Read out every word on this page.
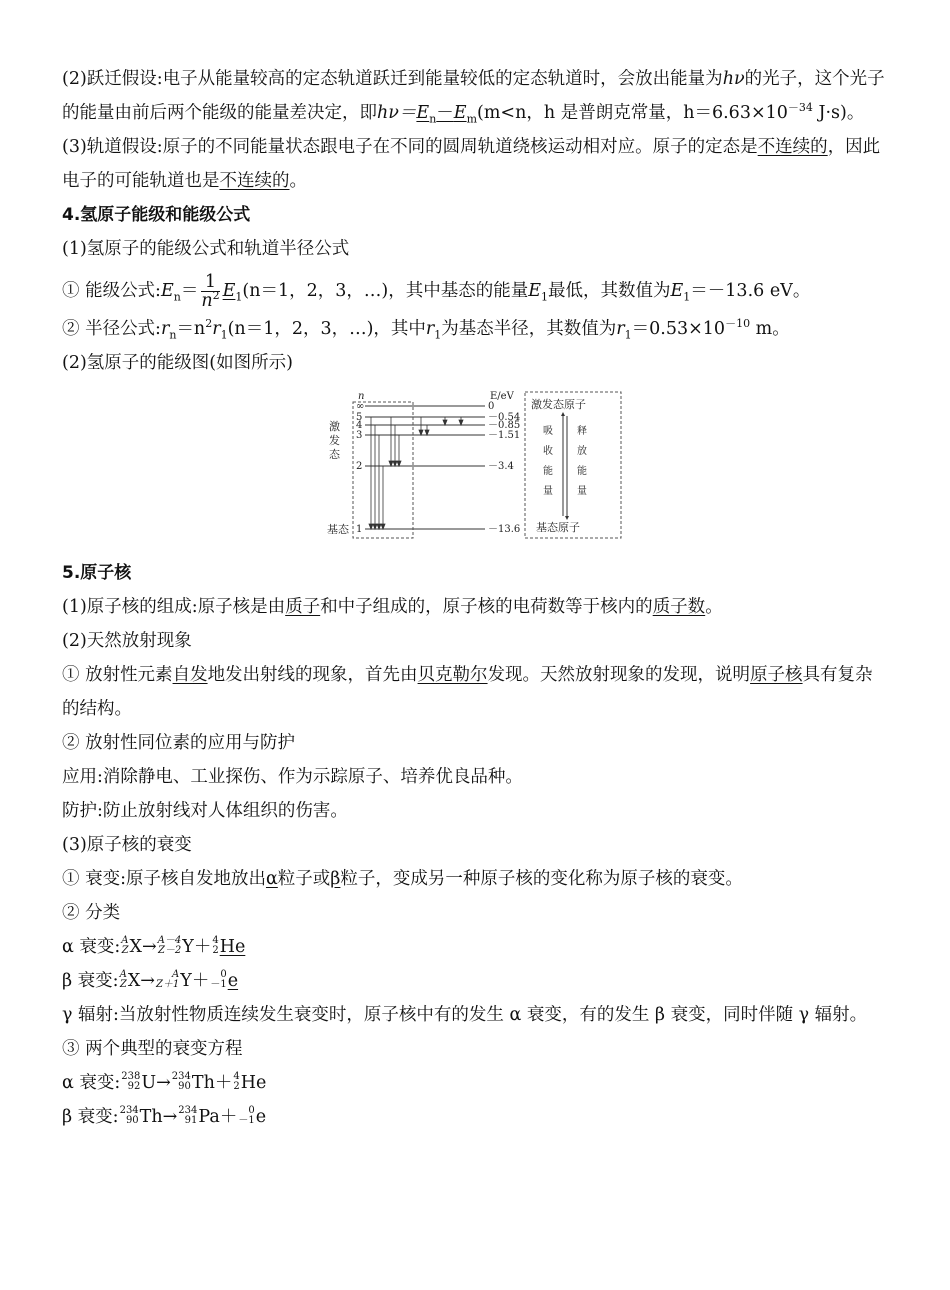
(2)跃迁假设:电子从能量较高的定态轨道跃迁到能量较低的定态轨道时，会放出能量为hν的光子，这个光子的能量由前后两个能级的能量差决定，即$h\nu=E_n-E_m(m<n$，h 是普朗克常量，$h=6.63\times 10^{-34}$ J·s)。

(3)轨道假设:原子的不同能量状态跟电子在不同的圆周轨道绕核运动相对应。原子的定态是不连续的，因此电子的可能轨道也是不连续的。

4.氢原子能级和能级公式

(1)氢原子的能级公式和轨道半径公式

① 能级公式$:E_n= \frac{1}{n^2} E_1(n=1$，2，3，…)，其中基态的能量$E_1$最低，其数值为$E_1=-13.6$ eV。

② 半径公式$:r_n=n^2r_1(n=1$，2，3，…)，其中$r_1$为基态半径，其数值为$r_1=0.53\times 10^{-10}$ m。

(2)氢原子的能级图(如图所示)

n	E/eV
∞
5
4
3
2
1
0
－0.54
－0.85
－1.51
－3.4
－13.6
激
发
态
基态
激发态原子
基态原子
吸
收
能
量
释
放
能
量

5.原子核

(1)原子核的组成:原子核是由质子和中子组成的，原子核的电荷数等于核内的质子数。

(2)天然放射现象

① 放射性元素自发地发出射线的现象，首先由贝克勒尔发现。天然放射现象的发现，说明原子核具有复杂的结构。

② 放射性同位素的应用与防护

应用:消除静电、工业探伤、作为示踪原子、培养优良品种。

防护:防止放射线对人体组织的伤害。

(3)原子核的衰变

① 衰变:原子核自发地放出α粒子或β粒子，变成另一种原子核的变化称为原子核的衰变。

② 分类

α 衰变: A
Z X→ A－4
Z－2 Y＋ 4
2 He

β 衰变: A
Z X→	A
Z＋1 Y＋	0
－1 e

γ 辐射:当放射性物质连续发生衰变时，原子核中有的发生 α 衰变，有的发生 β 衰变，同时伴随 γ 辐射。

③ 两个典型的衰变方程

α 衰变: 238
92 U→ 234
90 Th＋ 4
2 He

β 衰变: 234
90 Th→ 234
91 Pa＋	0
－1 e
